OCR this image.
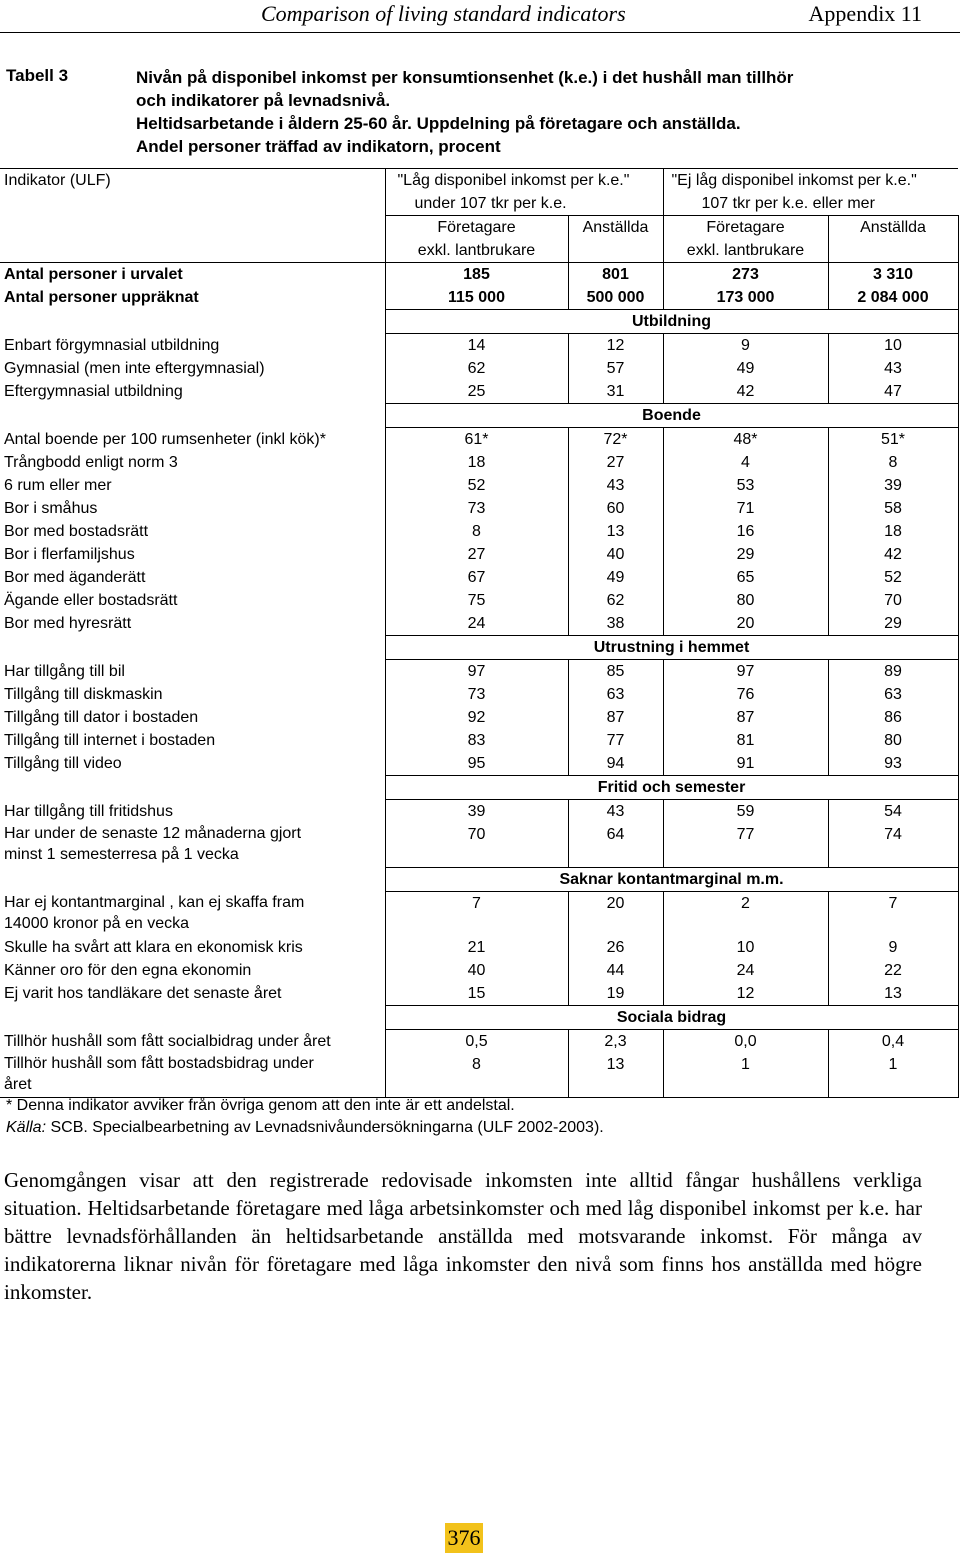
Comparison of living standard indicators	Appendix 11
Tabell 3	Nivån på disponibel inkomst per konsumtionsenhet (k.e.) i det hushåll man tillhör
och indikatorer på levnadsnivå.
Heltidsarbetande i åldern 25-60 år. Uppdelning på företagare och anställda.
Andel personer träffad av indikatorn, procent
Indikator (ULF)	"Låg disponibel inkomst per k.e."		"Ej låg disponibel inkomst per k.e."	
	under 107 tkr per k.e.		107 tkr per k.e. eller mer	
	Företagare	Anställda	Företagare	Anställda
	exkl. lantbrukare		exkl. lantbrukare	
Antal personer i urvalet	185	801	273	3 310
Antal personer uppräknat	115 000	500 000	173 000	2 084 000
	Utbildning			
Enbart förgymnasial utbildning	14	12	9	10
Gymnasial (men inte eftergymnasial)	62	57	49	43
Eftergymnasial utbildning	25	31	42	47
	Boende			
Antal boende per 100 rumsenheter (inkl kök)*	61*	72*	48*	51*
Trångbodd enligt norm 3	18	27	4	8
6 rum eller mer	52	43	53	39
Bor i småhus	73	60	71	58
Bor med bostadsrätt	8	13	16	18
Bor i flerfamiljshus	27	40	29	42
Bor med äganderätt	67	49	65	52
Ägande eller bostadsrätt	75	62	80	70
Bor med hyresrätt	24	38	20	29
	Utrustning i hemmet			
Har tillgång till bil	97	85	97	89
Tillgång till diskmaskin	73	63	76	63
Tillgång till dator i bostaden	92	87	87	86
Tillgång till internet i bostaden	83	77	81	80
Tillgång till video	95	94	91	93
	Fritid och semester			
Har tillgång till fritidshus	39	43	59	54
Har under de senaste 12 månaderna gjort minst 1 semesterresa på 1 vecka	70	64	77	74
	Saknar kontantmarginal m.m.			
Har ej kontantmarginal , kan ej skaffa fram 14000 kronor på en vecka	7	20	2	7
Skulle ha svårt att klara en ekonomisk kris	21	26	10	9
Känner oro för den egna ekonomin	40	44	24	22
Ej varit hos tandläkare det senaste året	15	19	12	13
	Sociala bidrag			
Tillhör hushåll som fått socialbidrag under året	0,5	2,3	0,0	0,4
Tillhör hushåll som fått bostadsbidrag under året	8	13	1	1
* Denna indikator avviker från övriga genom att den inte är ett andelstal.
Källa: SCB. Specialbearbetning av Levnadsnivåundersökningarna (ULF 2002-2003).
Genomgången visar att den registrerade redovisade inkomsten inte alltid fångar hushållens verkliga situation. Heltidsarbetande företagare med låga arbetsinkomster och med låg disponibel inkomst per k.e. har bättre levnadsförhållanden än heltidsarbetande anställda med motsvarande inkomst. För många av indikatorerna liknar nivån för företagare med låga inkomster den nivå som finns hos anställda med högre inkomster.
376
